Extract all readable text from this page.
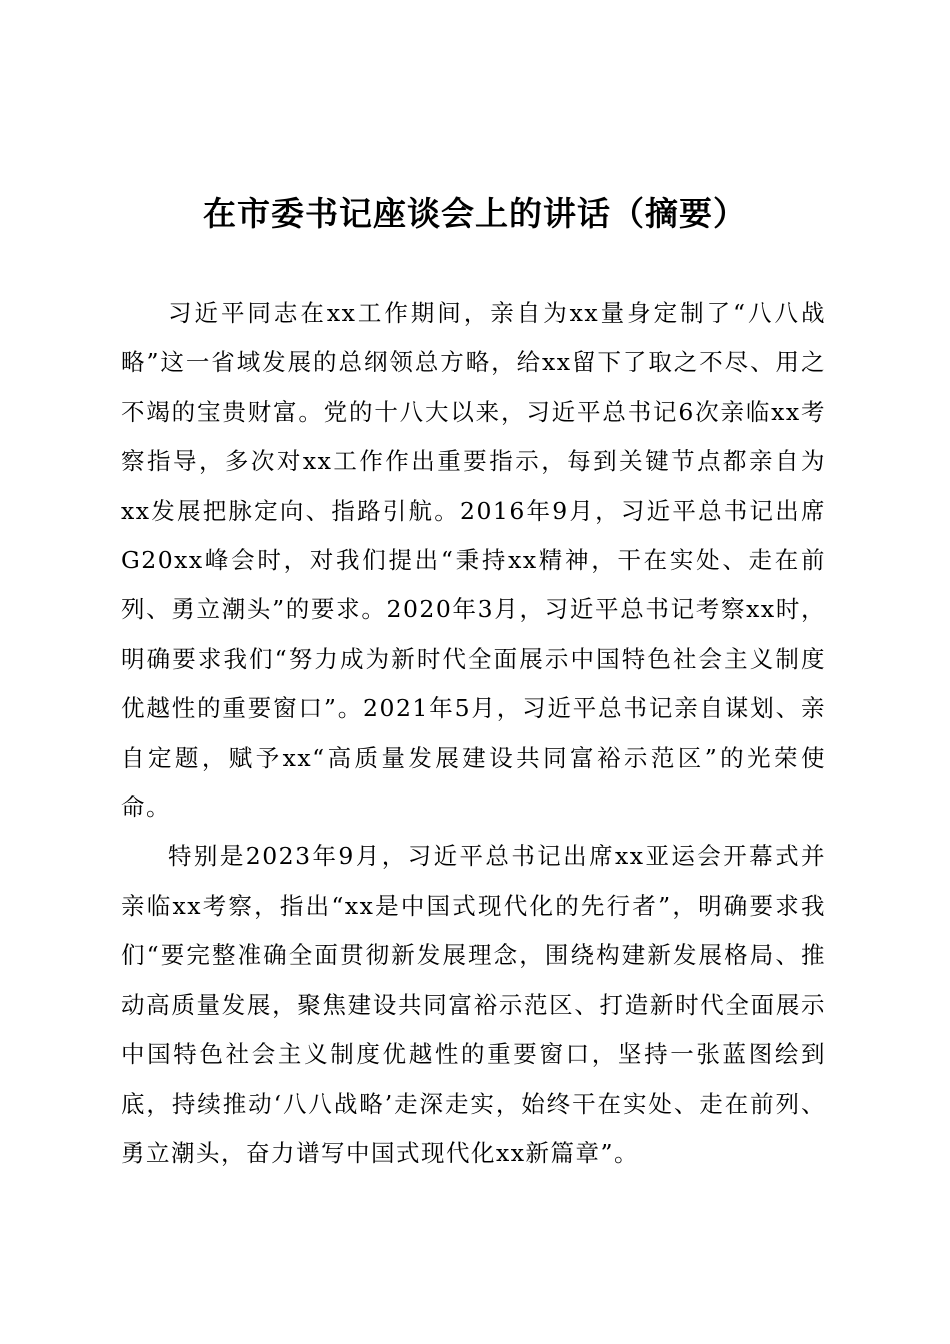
在市委书记座谈会上的讲话（摘要）

习近平同志在xx工作期间，亲自为xx量身定制了“八八战略”这一省域发展的总纲领总方略，给xx留下了取之不尽、用之不竭的宝贵财富。党的十八大以来，习近平总书记6次亲临xx考察指导，多次对xx工作作出重要指示，每到关键节点都亲自为xx发展把脉定向、指路引航。2016年9月，习近平总书记出席G20xx峰会时，对我们提出“秉持xx精神，干在实处、走在前列、勇立潮头”的要求。2020年3月，习近平总书记考察xx时，明确要求我们“努力成为新时代全面展示中国特色社会主义制度优越性的重要窗口”。2021年5月，习近平总书记亲自谋划、亲自定题，赋予xx“高质量发展建设共同富裕示范区”的光荣使命。

特别是2023年9月，习近平总书记出席xx亚运会开幕式并亲临xx考察，指出“xx是中国式现代化的先行者”，明确要求我们“要完整准确全面贯彻新发展理念，围绕构建新发展格局、推动高质量发展，聚焦建设共同富裕示范区、打造新时代全面展示中国特色社会主义制度优越性的重要窗口，坚持一张蓝图绘到底，持续推动‘八八战略’走深走实，始终干在实处、走在前列、勇立潮头，奋力谱写中国式现代化xx新篇章”。
